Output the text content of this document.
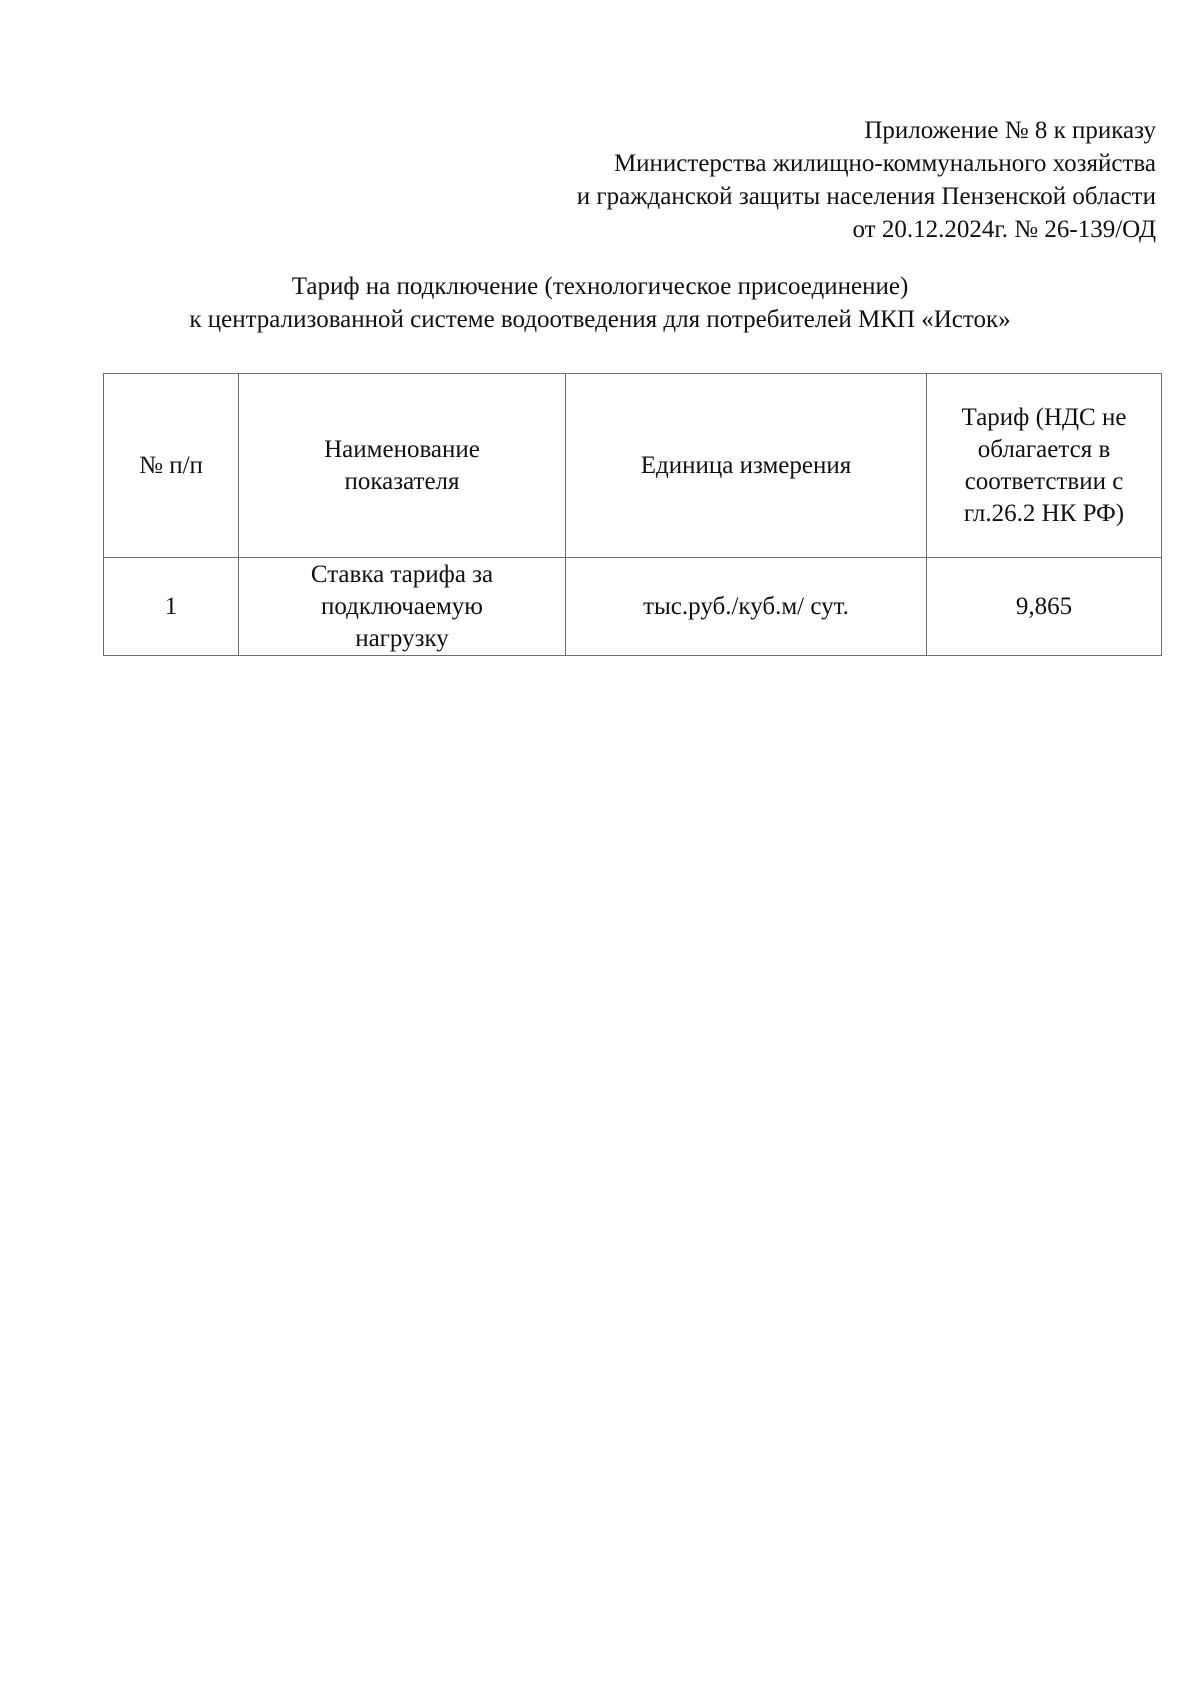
Приложение № 8 к приказу
Министерства жилищно-коммунального хозяйства
и гражданской защиты населения Пензенской области
от 20.12.2024г. № 26-139/ОД
Тариф на подключение (технологическое присоединение)
к централизованной системе водоотведения для потребителей МКП «Исток»
№ п/п	Наименование показателя	Единица измерения	Тариф (НДС не облагается в соответствии с гл.26.2 НК РФ)
1	Ставка тарифа за подключаемую нагрузку	тыс.руб./куб.м/ сут.	9,865
